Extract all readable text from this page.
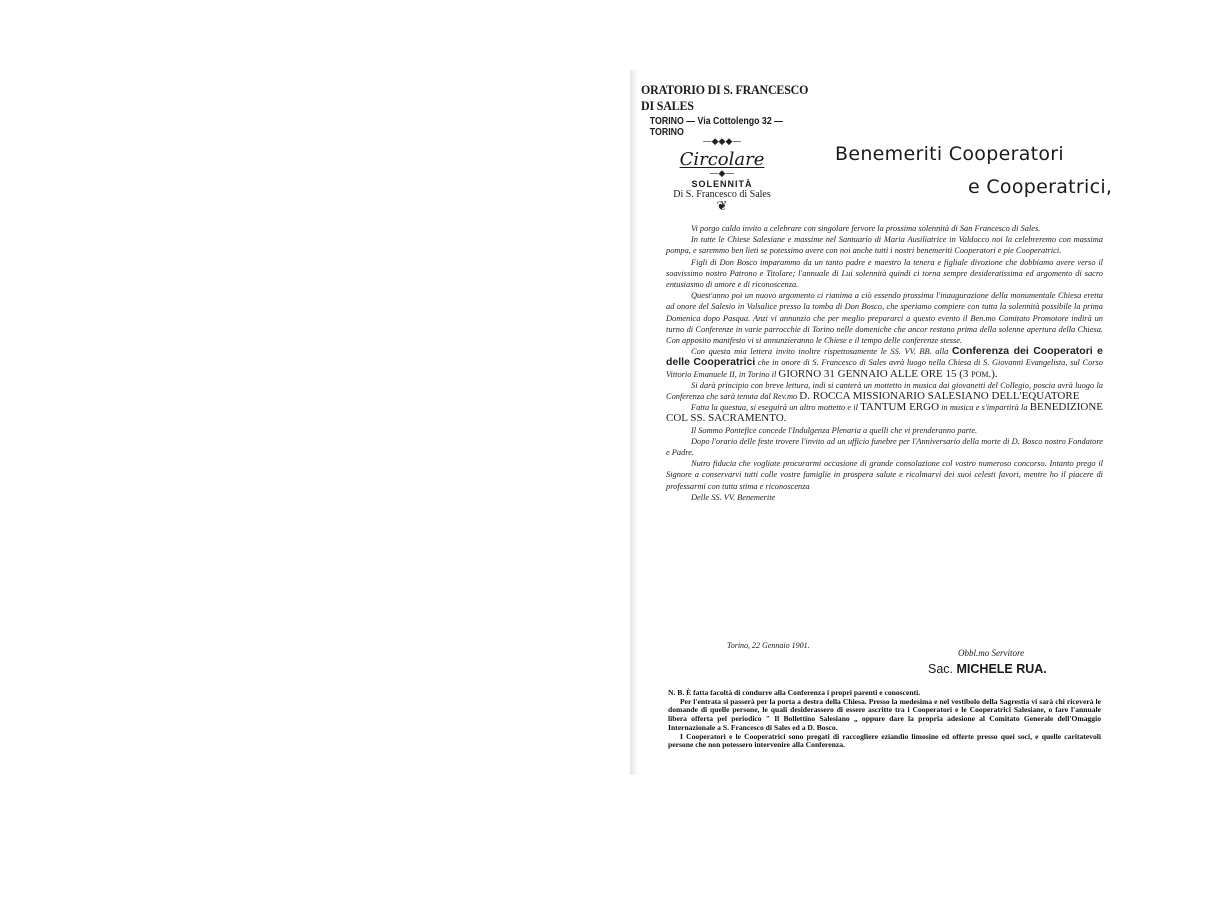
ORATORIO DI S. FRANCESCO DI SALES
TORINO — Via Cottolengo 32 — TORINO
—◆◆◆—
Circolare
—◆—
SOLENNITÀ
Di S. Francesco di Sales
❦
Benemeriti Cooperatori
e Cooperatrici,

Vi porgo caldo invito a celebrare con singolare fervore la prossima solennità di San Francesco di Sales.

In tutte le Chiese Salesiane e massime nel Santuario di Maria Ausiliatrice in Valdocco noi la celebreremo con massima pompa, e saremmo ben lieti se potessimo avere con noi anche tutti i nostri benemeriti Cooperatori e pie Cooperatrici.

Figli di Don Bosco imparammo da un tanto padre e maestro la tenera e figliale divozione che dobbiamo avere verso il soavissimo nostro Patrono e Titolare; l'annuale di Lui solennità quindi ci torna sempre desideratissima ed argomento di sacro entusiasmo di amore e di riconoscenza.

Quest'anno poi un nuovo argomento ci rianima a ciò essendo prossima l'inaugurazione della monumentale Chiesa eretta ad onore del Salesio in Valsalice presso la tomba di Don Bosco, che speriamo compiere con tutta la solennità possibile la prima Domenica dopo Pasqua. Anzi vi annunzio che per meglio prepararci a questo evento il Ben.mo Comitato Promotore indirà un turno di Conferenze in varie parrocchie di Torino nelle domeniche che ancor restano prima della solenne apertura della Chiesa. Con apposito manifesto vi si annunzieranno le Chiese e il tempo delle conferenze stesse.

Con questa mia lettera invito inoltre rispettosamente le SS. VV. BB. alla Conferenza dei Cooperatori e delle Cooperatrici che in onore di S. Francesco di Sales avrà luogo nella Chiesa di S. Giovanni Evangelista, sul Corso Vittorio Emanuele II, in Torino il GIORNO 31 GENNAIO ALLE ORE 15 (3 pom.).

Si darà principio con breve lettura, indi si canterà un mottetto in musica dai giovanetti del Collegio, poscia avrà luogo la Conferenza che sarà tenuta dal Rev.mo D. ROCCA MISSIONARIO SALESIANO DELL'EQUATORE

Fatta la questua, si eseguirà un altro mottetto e il TANTUM ERGO in musica e s'impartirà la BENEDIZIONE COL SS. SACRAMENTO.

Il Sommo Pontefice concede l'Indulgenza Plenaria a quelli che vi prenderanno parte.

Dopo l'orario delle feste trovere l'invito ad un ufficio funebre per l'Anniversario della morte di D. Bosco nostro Fondatore e Padre.

Nutro fiducia che vogliate procurarmi occasione di grande consolazione col vostro numeroso concorso. Intanto prego il Signore a conservarvi tutti colle vostre famiglie in prospera salute e ricolmarvi dei suoi celesti favori, mentre ho il piacere di professarmi con tutta stima e riconoscenza

Delle SS. VV. Benemerite

Torino, 22 Gennaio 1901.
Obbl.mo Servitore
Sac. MICHELE RUA.

N. B. È fatta facoltà di condurre alla Conferenza i propri parenti e conoscenti.

Per l'entrata si passerà per la porta a destra della Chiesa. Presso la medesima e nel vestibolo della Sagrestia vi sarà chi riceverà le domande di quelle persone, le quali desiderassero di essere ascritte tra i Cooperatori e le Cooperatrici Salesiane, o fare l'annuale libera offerta pel periodico " Il Bollettino Salesiano „ oppure dare la propria adesione al Comitato Generale dell'Omaggio Internazionale a S. Francesco di Sales ed a D. Bosco.

I Cooperatori e le Cooperatrici sono pregati di raccogliere eziandio limosine ed offerte presso quei soci, e quelle caritatevoli persone che non potessero intervenire alla Conferenza.
